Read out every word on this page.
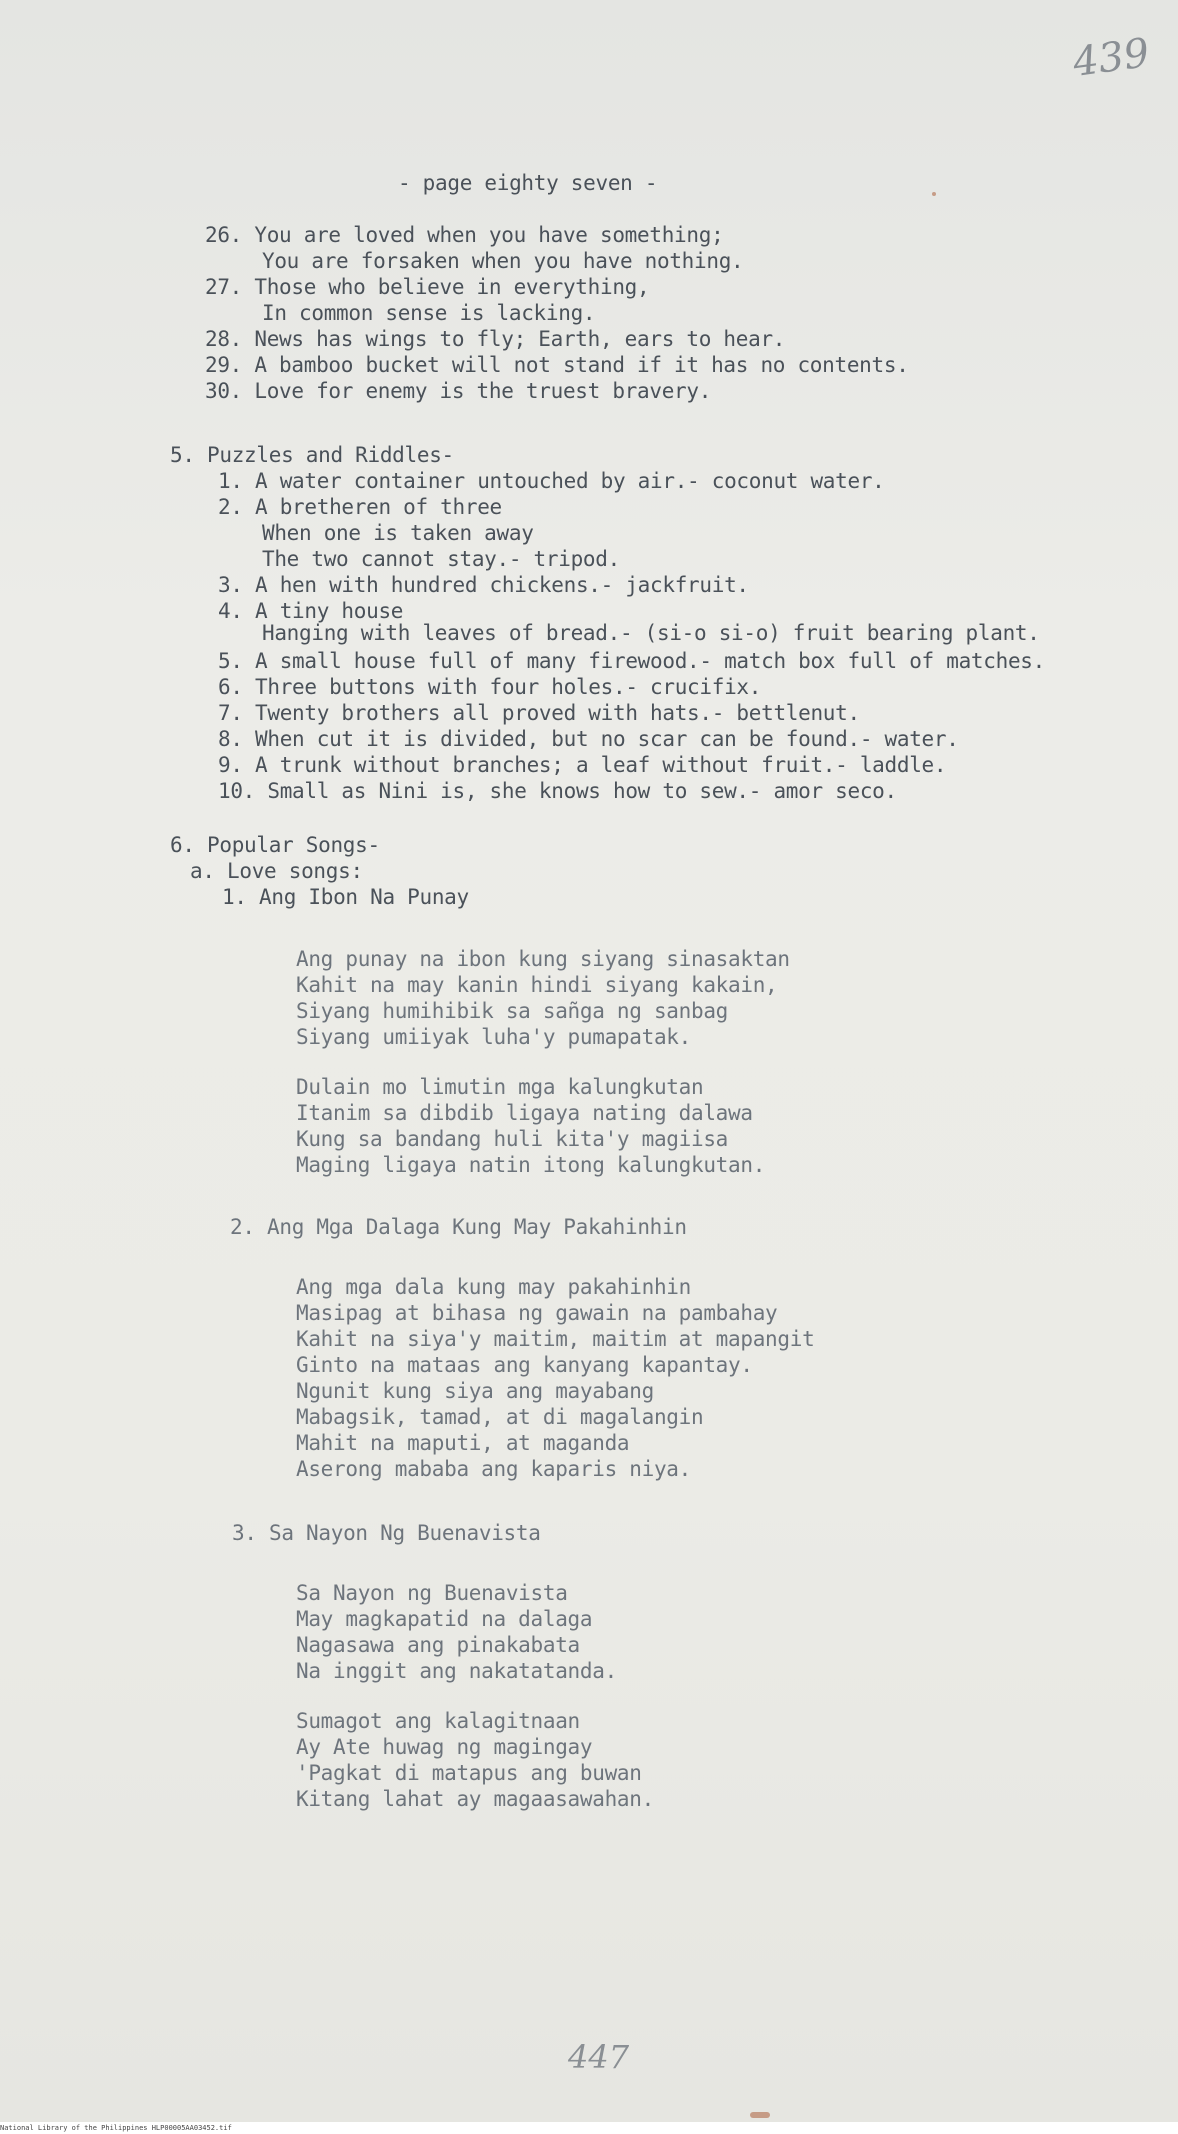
439
- page eighty seven -
26. You are loved when you have something;
You are forsaken when you have nothing.
27. Those who believe in everything,
In common sense is lacking.
28. News has wings to fly; Earth, ears to hear.
29. A bamboo bucket will not stand if it has no contents.
30. Love for enemy is the truest bravery.
5. Puzzles and Riddles-
1. A water container untouched by air.- coconut water.
2. A bretheren of three
When one is taken away
The two cannot stay.- tripod.
3. A hen with hundred chickens.- jackfruit.
4. A tiny house
Hanging with leaves of bread.- (si-o si-o) fruit bearing plant.
5. A small house full of many firewood.- match box full of matches.
6. Three buttons with four holes.- crucifix.
7. Twenty brothers all proved with hats.- bettlenut.
8. When cut it is divided, but no scar can be found.- water.
9. A trunk without branches; a leaf without fruit.- laddle.
10. Small as Nini is, she knows how to sew.- amor seco.
6. Popular Songs-
a. Love songs:
1. Ang Ibon Na Punay
Ang punay na ibon kung siyang sinasaktan
Kahit na may kanin hindi siyang kakain,
Siyang humihibik sa sañga ng sanbag
Siyang umiiyak luha'y pumapatak.
Dulain mo limutin mga kalungkutan
Itanim sa dibdib ligaya nating dalawa
Kung sa bandang huli kita'y magiisa
Maging ligaya natin itong kalungkutan.
2. Ang Mga Dalaga Kung May Pakahinhin
Ang mga dala kung may pakahinhin
Masipag at bihasa ng gawain na pambahay
Kahit na siya'y maitim, maitim at mapangit
Ginto na mataas ang kanyang kapantay.
Ngunit kung siya ang mayabang
Mabagsik, tamad, at di magalangin
Mahit na maputi, at maganda
Aserong mababa ang kaparis niya.
3. Sa Nayon Ng Buenavista
Sa Nayon ng Buenavista
May magkapatid na dalaga
Nagasawa ang pinakabata
Na inggit ang nakatatanda.
Sumagot ang kalagitnaan
Ay Ate huwag ng magingay
'Pagkat di matapus ang buwan
Kitang lahat ay magaasawahan.
447
National Library of the Philippines HLP00005AA03452.tif
